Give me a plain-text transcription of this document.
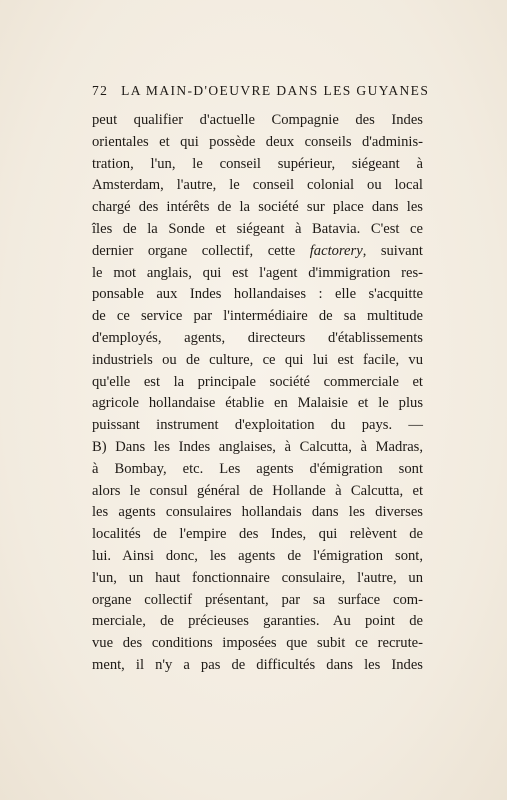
72 LA MAIN-D'OEUVRE DANS LES GUYANES
peut qualifier d'actuelle Compagnie des Indes
orientales et qui possède deux conseils d'adminis-
tration, l'un, le conseil supérieur, siégeant à
Amsterdam, l'autre, le conseil colonial ou local
chargé des intérêts de la société sur place dans les
îles de la Sonde et siégeant à Batavia. C'est ce
dernier organe collectif, cette factorery, suivant
le mot anglais, qui est l'agent d'immigration res-
ponsable aux Indes hollandaises : elle s'acquitte
de ce service par l'intermédiaire de sa multitude
d'employés, agents, directeurs d'établissements
industriels ou de culture, ce qui lui est facile, vu
qu'elle est la principale société commerciale et
agricole hollandaise établie en Malaisie et le plus
puissant instrument d'exploitation du pays. —
B) Dans les Indes anglaises, à Calcutta, à Madras,
à Bombay, etc. Les agents d'émigration sont
alors le consul général de Hollande à Calcutta, et
les agents consulaires hollandais dans les diverses
localités de l'empire des Indes, qui relèvent de
lui. Ainsi donc, les agents de l'émigration sont,
l'un, un haut fonctionnaire consulaire, l'autre, un
organe collectif présentant, par sa surface com-
merciale, de précieuses garanties. Au point de
vue des conditions imposées que subit ce recrute-
ment, il n'y a pas de difficultés dans les Indes
